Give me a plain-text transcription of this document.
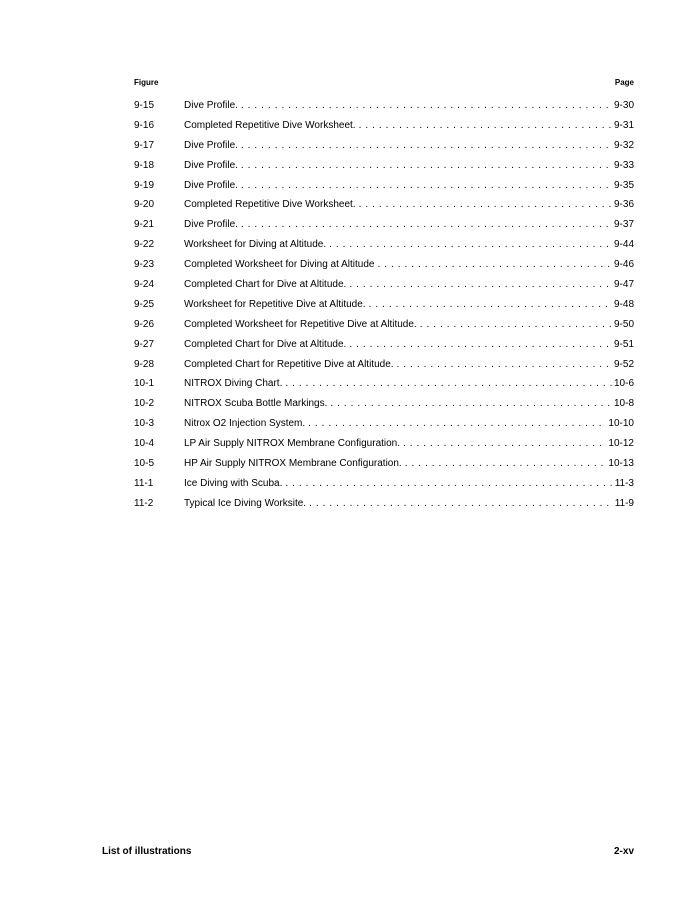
Figure	Page
9-15	Dive Profile. . . .	9-30
9-16	Completed Repetitive Dive Worksheet. . . .	9-31
9-17	Dive Profile. . . .	9-32
9-18	Dive Profile. . . .	9-33
9-19	Dive Profile. . . .	9-35
9-20	Completed Repetitive Dive Worksheet. . . .	9-36
9-21	Dive Profile. . . .	9-37
9-22	Worksheet for Diving at Altitude. . . .	9-44
9-23	Completed Worksheet for Diving at Altitude . . .	9-46
9-24	Completed Chart for Dive at Altitude. . . .	9-47
9-25	Worksheet for Repetitive Dive at Altitude. . . .	9-48
9-26	Completed Worksheet for Repetitive Dive at Altitude. . . .	9-50
9-27	Completed Chart for Dive at Altitude. . . .	9-51
9-28	Completed Chart for Repetitive Dive at Altitude. . . .	9-52
10-1	NITROX Diving Chart. . . .	10-6
10-2	NITROX Scuba Bottle Markings. . . .	10-8
10-3	Nitrox O2 Injection System. . . .	10-10
10-4	LP Air Supply NITROX Membrane Configuration. . . .	10-12
10-5	HP Air Supply NITROX Membrane Configuration. . . .	10-13
11-1	Ice Diving with Scuba. . . .	11-3
11-2	Typical Ice Diving Worksite. . . .	11-9
List of illustrations	2-xv
